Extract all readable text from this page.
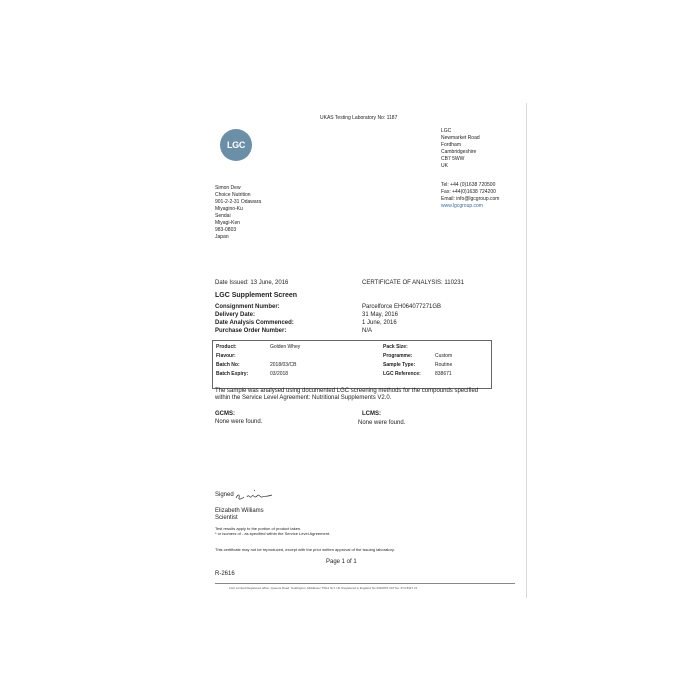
UKAS Testing Laboratory No: 1187
LGC
LGC
Newmarket Road
Fordham
Cambridgeshire
CB7 5WW
UK
Tel: +44 (0)1638 720500
Fax: +44(0)1638 724200
Email: info@lgcgroup.com
www.lgcgroup.com
Simon Dew
Choice Nutrition
901-2-2-31 Odawara
Miyagino-Ku
Sendai
Miyagi-Ken
983-0803
Japan
Date Issued: 13 June, 2016	CERTIFICATE OF ANALYSIS: 110231
LGC Supplement Screen
Consignment Number:
Delivery Date:
Date Analysis Commenced:
Purchase Order Number:
Parcelforce EH064077271GB
31 May, 2016
1 June, 2016
N/A
Product:
Flavour:
Batch No:
Batch Expiry:
Golden Whey

2018/03/CB
03/2018
Pack Size:
Programme:
Sample Type:
LGC Reference:

Custom
Routine
838671
The sample was analysed using documented LGC screening methods for the compounds specified
within the Service Level Agreement: Nutritional Supplements V2.0.
GCMS:
None were found.
LCMS:
None were found.
Signed
Elizabeth Williams
Scientist
Test results apply to the portion of product taken.
* or isomers of - as specified within the Service Level Agreement.
This certificate may not be reproduced, except with the prior written approval of the issuing laboratory.
Page 1 of 1
R-2616
LGC Limited Registered office: Queens Road, Teddington, Middlesex TW11 0LY, UK Registered in England No 2991879 VAT No. 674 8347 21
